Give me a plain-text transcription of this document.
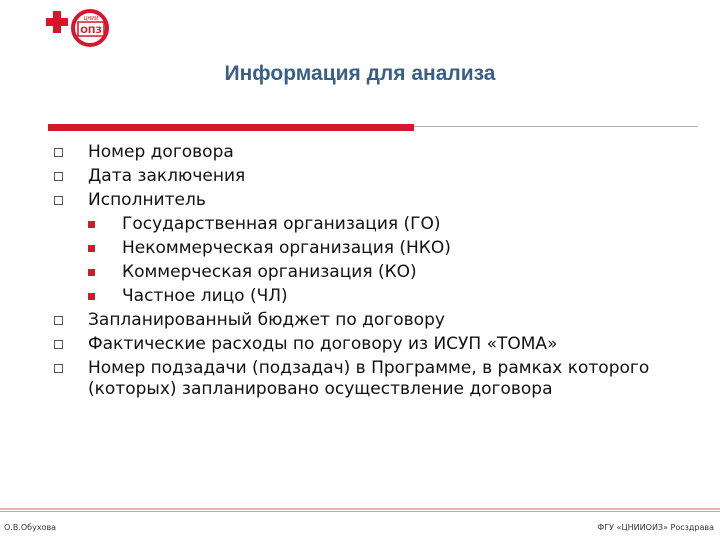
ОПЗ
ЦНИИ
Информация для анализа
Номер договора
Дата заключения
Исполнитель
Государственная организация (ГО)
Некоммерческая организация (НКО)
Коммерческая организация (КО)
Частное лицо (ЧЛ)
Запланированный бюджет по договору
Фактические расходы по договору из ИСУП «ТОМА»
Номер подзадачи (подзадач) в Программе, в рамках которого (которых) запланировано осуществление договора
О.В.Обухова	ФГУ «ЦНИИОИЗ» Росздрава
